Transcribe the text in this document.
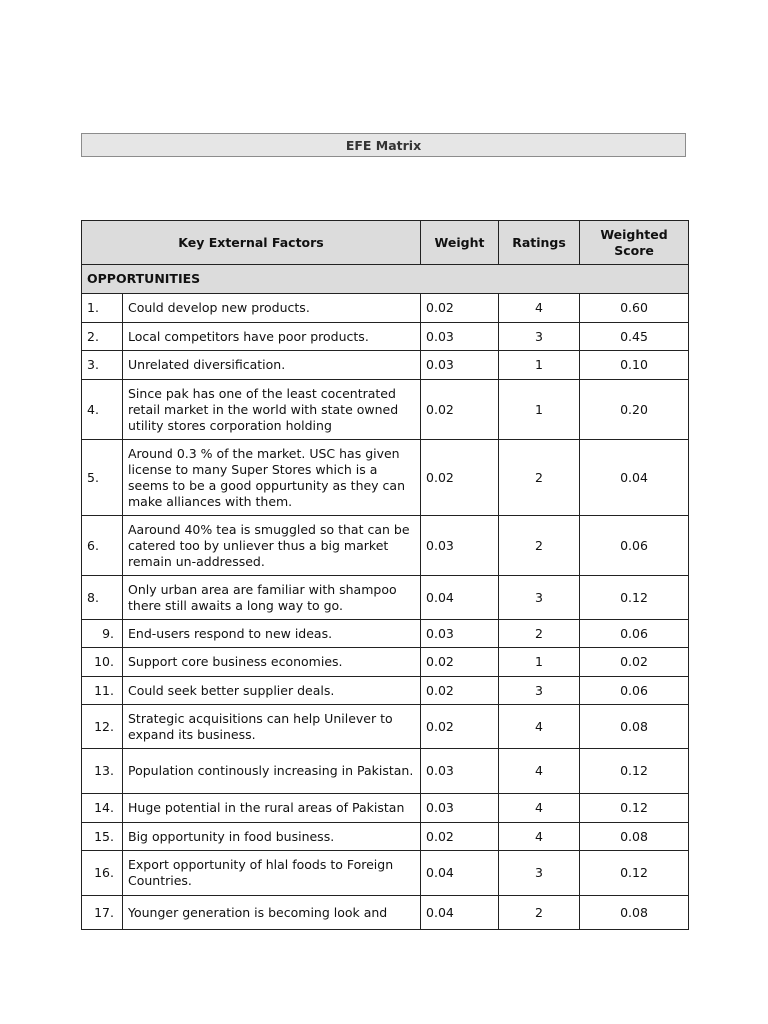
EFE Matrix
Key External Factors		Weight	Ratings	Weighted Score
OPPORTUNITIES				
1.	Could develop new products.	0.02	4	0.60
2.	Local competitors have poor products.	0.03	3	0.45
3.	Unrelated diversification.	0.03	1	0.10
4.	Since pak has one of the least cocentrated retail market in the world with state owned utility stores corporation holding	0.02	1	0.20
5.	Around 0.3 % of the market. USC has given license to many Super Stores which is a seems to be a good oppurtunity as they can make alliances with them.	0.02	2	0.04
6.	Aaround 40% tea is smuggled so that can be catered too by unliever thus a big market remain un-addressed.	0.03	2	0.06
8.	Only urban area are familiar with shampoo there still awaits a long way to go.	0.04	3	0.12
9.	End-users respond to new ideas.	0.03	2	0.06
10.	Support core business economies.	0.02	1	0.02
11.	Could seek better supplier deals.	0.02	3	0.06
12.	Strategic acquisitions can help Unilever to expand its business.	0.02	4	0.08
13.	Population continously increasing in Pakistan.	0.03	4	0.12
14.	Huge potential in the rural areas of Pakistan	0.03	4	0.12
15.	Big opportunity in food business.	0.02	4	0.08
16.	Export opportunity of hlal foods to Foreign Countries.	0.04	3	0.12
17.	Younger generation is becoming look and	0.04	2	0.08
